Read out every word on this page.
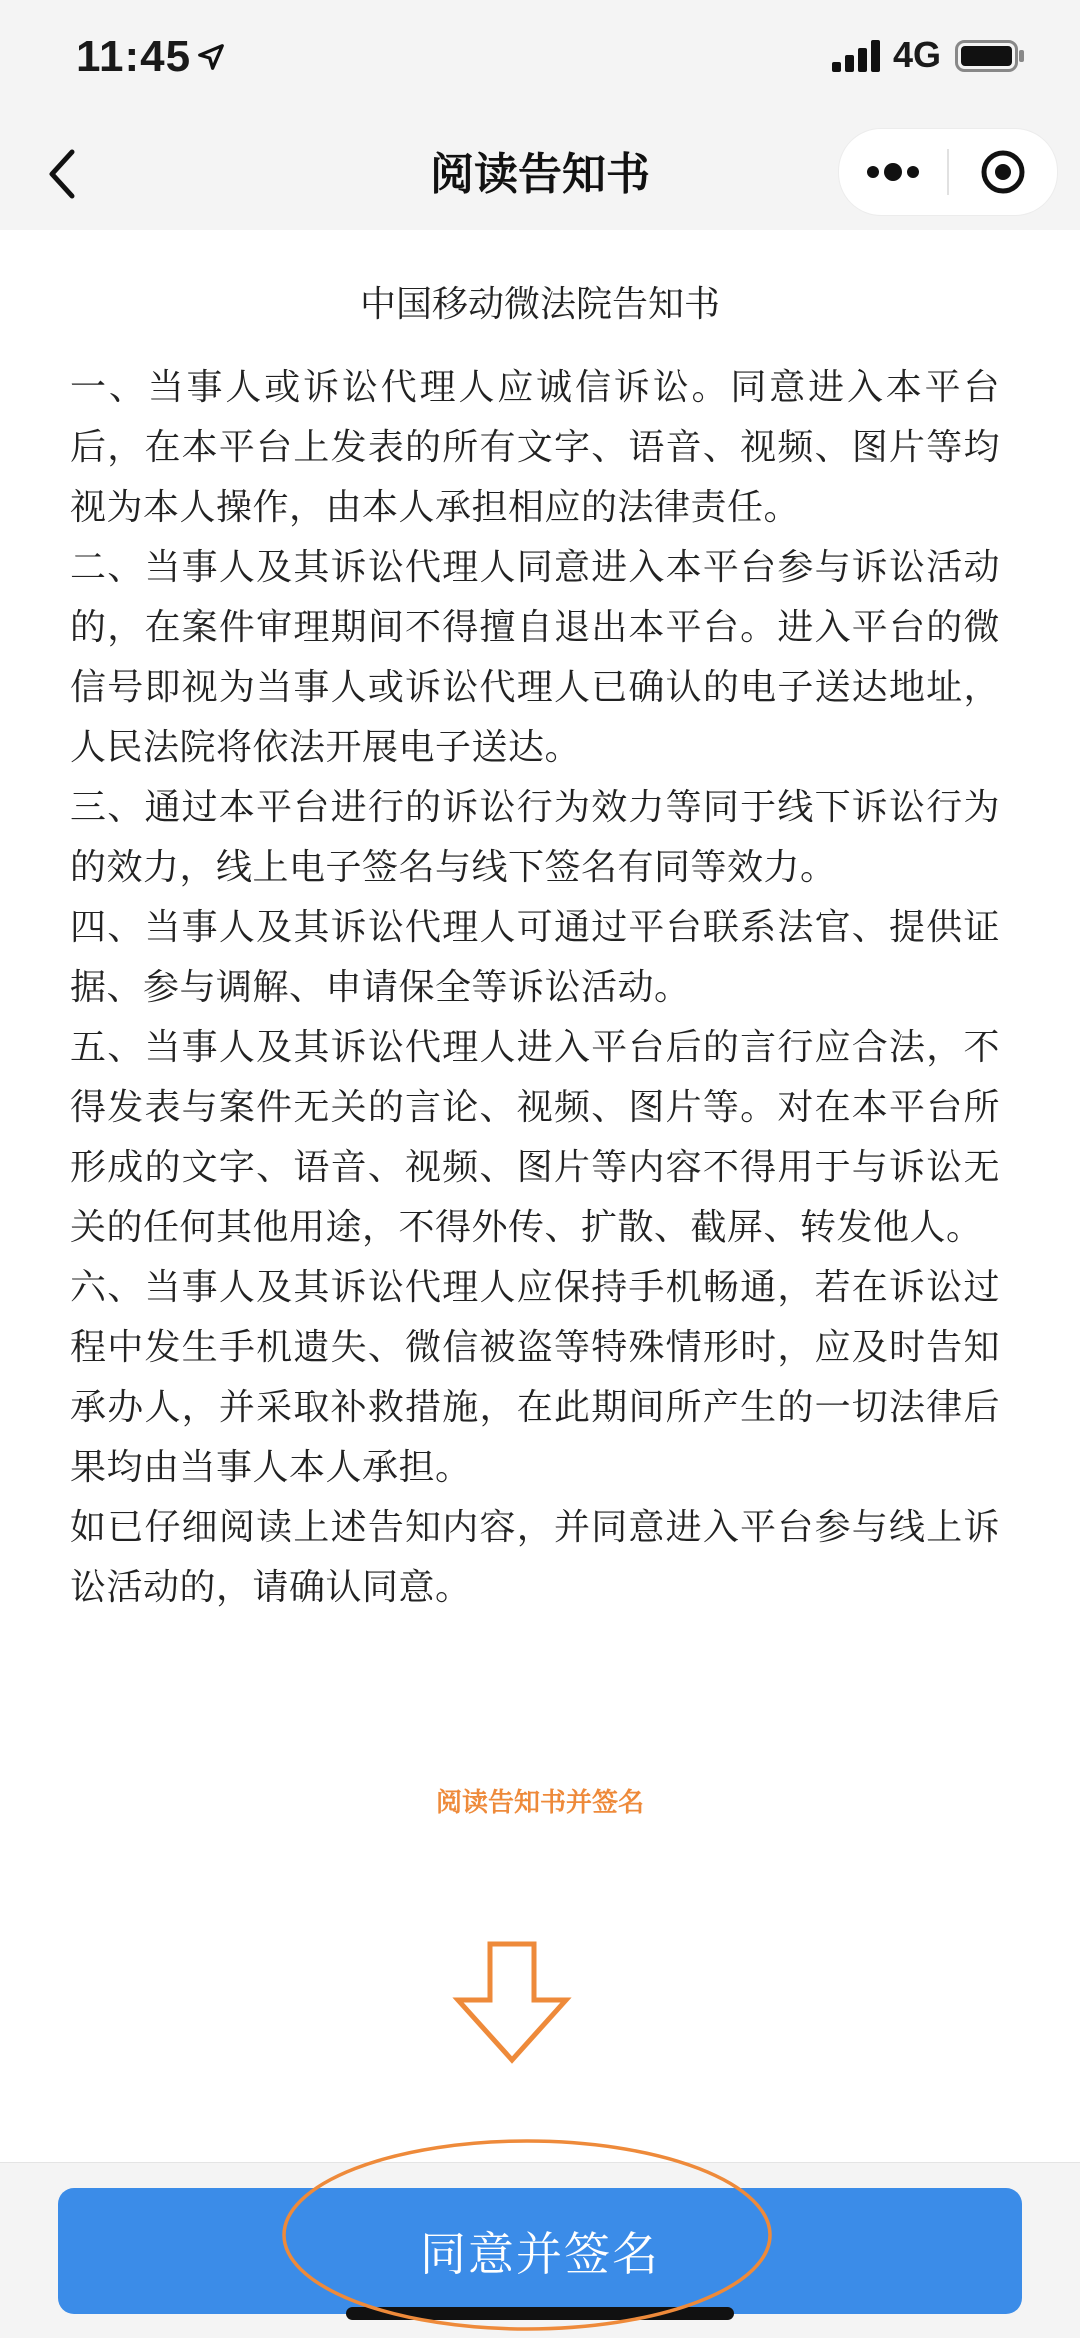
11:45	4G
阅读告知书
中国移动微法院告知书

一、当事人或诉讼代理人应诚信诉讼。同意进入本平台后，在本平台上发表的所有文字、语音、视频、图片等均视为本人操作，由本人承担相应的法律责任。

二、当事人及其诉讼代理人同意进入本平台参与诉讼活动的，在案件审理期间不得擅自退出本平台。进入平台的微信号即视为当事人或诉讼代理人已确认的电子送达地址，人民法院将依法开展电子送达。

三、通过本平台进行的诉讼行为效力等同于线下诉讼行为的效力，线上电子签名与线下签名有同等效力。

四、当事人及其诉讼代理人可通过平台联系法官、提供证据、参与调解、申请保全等诉讼活动。

五、当事人及其诉讼代理人进入平台后的言行应合法，不得发表与案件无关的言论、视频、图片等。对在本平台所形成的文字、语音、视频、图片等内容不得用于与诉讼无关的任何其他用途，不得外传、扩散、截屏、转发他人。

六、当事人及其诉讼代理人应保持手机畅通，若在诉讼过程中发生手机遗失、微信被盗等特殊情形时，应及时告知承办人，并采取补救措施，在此期间所产生的一切法律后果均由当事人本人承担。

如已仔细阅读上述告知内容，并同意进入平台参与线上诉讼活动的，请确认同意。

阅读告知书并签名
同意并签名
